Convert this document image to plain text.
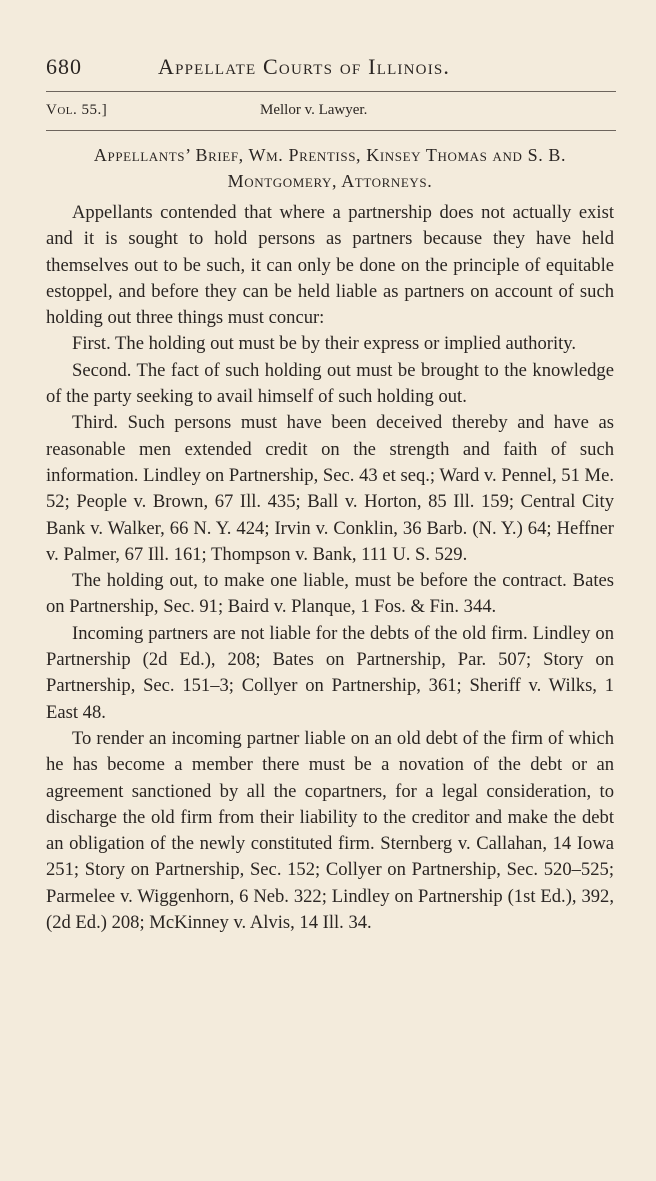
680	Appellate Courts of Illinois.
Vol. 55.]	Mellor v. Lawyer.
Appellants’ Brief, Wm. Prentiss, Kinsey Thomas and S. B. Montgomery, Attorneys.

Appellants contended that where a partnership does not actually exist and it is sought to hold persons as partners because they have held themselves out to be such, it can only be done on the principle of equitable estoppel, and before they can be held liable as partners on account of such holding out three things must concur:

First. The holding out must be by their express or implied authority.

Second. The fact of such holding out must be brought to the knowledge of the party seeking to avail himself of such holding out.

Third. Such persons must have been deceived thereby and have as reasonable men extended credit on the strength and faith of such information. Lindley on Partnership, Sec. 43 et seq.; Ward v. Pennel, 51 Me. 52; People v. Brown, 67 Ill. 435; Ball v. Horton, 85 Ill. 159; Central City Bank v. Walker, 66 N. Y. 424; Irvin v. Conklin, 36 Barb. (N. Y.) 64; Heffner v. Palmer, 67 Ill. 161; Thompson v. Bank, 111 U. S. 529.

The holding out, to make one liable, must be before the contract. Bates on Partnership, Sec. 91; Baird v. Planque, 1 Fos. & Fin. 344.

Incoming partners are not liable for the debts of the old firm. Lindley on Partnership (2d Ed.), 208; Bates on Partnership, Par. 507; Story on Partnership, Sec. 151–3; Collyer on Partnership, 361; Sheriff v. Wilks, 1 East 48.

To render an incoming partner liable on an old debt of the firm of which he has become a member there must be a novation of the debt or an agreement sanctioned by all the copartners, for a legal consideration, to discharge the old firm from their liability to the creditor and make the debt an obligation of the newly constituted firm. Sternberg v. Callahan, 14 Iowa 251; Story on Partnership, Sec. 152; Collyer on Partnership, Sec. 520–525; Parmelee v. Wiggenhorn, 6 Neb. 322; Lindley on Partnership (1st Ed.), 392, (2d Ed.) 208; McKinney v. Alvis, 14 Ill. 34.
